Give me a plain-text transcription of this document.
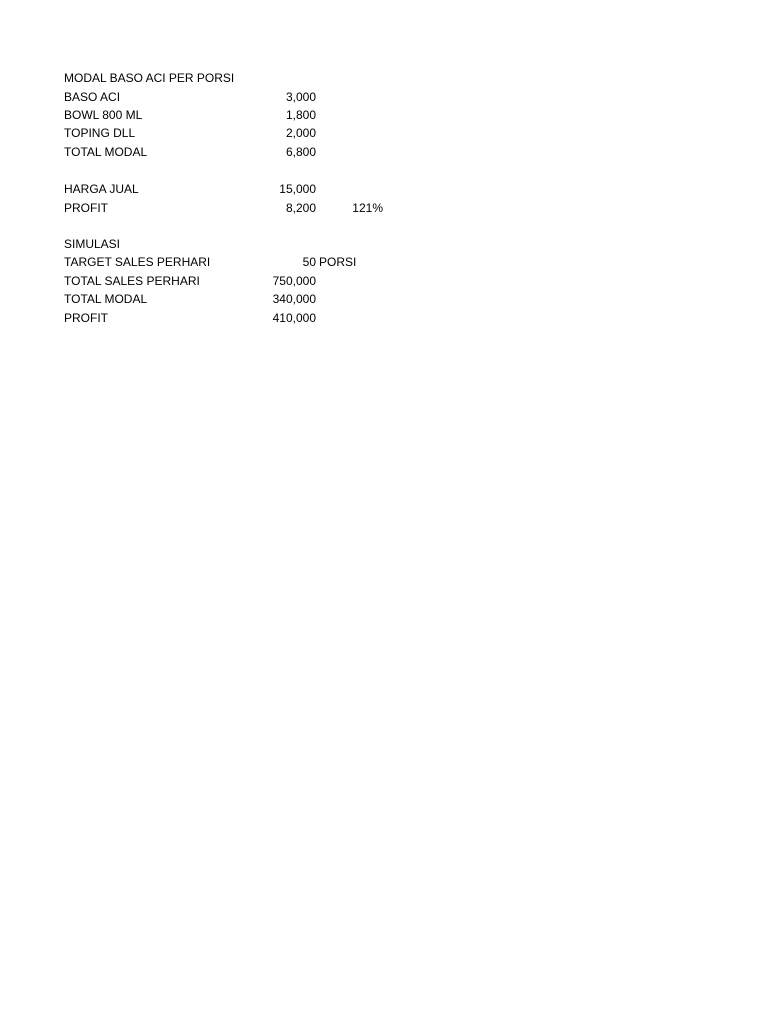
MODAL BASO ACI PER PORSI
BASO ACI	3,000
BOWL 800 ML	1,800
TOPING DLL	2,000
TOTAL MODAL	6,800
HARGA JUAL	15,000
PROFIT	8,200	121%
SIMULASI
TARGET SALES PERHARI	50 PORSI
TOTAL SALES PERHARI	750,000
TOTAL MODAL	340,000
PROFIT	410,000
